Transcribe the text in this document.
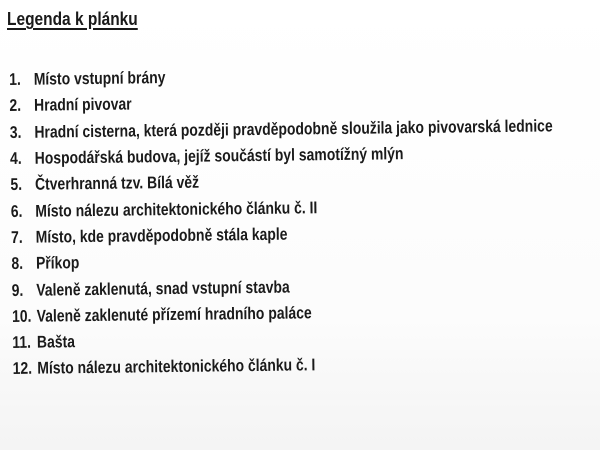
Legenda k plánku
1. Místo vstupní brány
2. Hradní pivovar
3. Hradní cisterna, která později pravděpodobně sloužila jako pivovarská lednice
4. Hospodářská budova, jejíž součástí byl samotížný mlýn
5. Čtverhranná tzv. Bílá věž
6. Místo nálezu architektonického článku č. II
7. Místo, kde pravděpodobně stála kaple
8. Příkop
9. Valeně zaklenutá, snad vstupní stavba
10. Valeně zaklenuté přízemí hradního paláce
11. Bašta
12. Místo nálezu architektonického článku č. I
